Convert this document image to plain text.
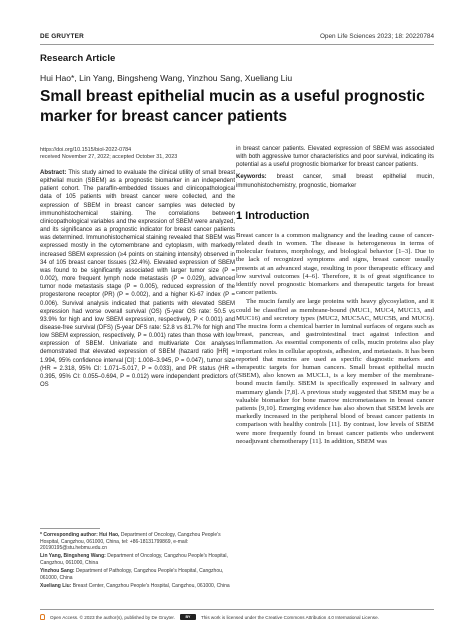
DE GRUYTER	Open Life Sciences 2023; 18: 20220784
Research Article
Hui Hao*, Lin Yang, Bingsheng Wang, Yinzhou Sang, Xueliang Liu
Small breast epithelial mucin as a useful prognostic marker for breast cancer patients
https://doi.org/10.1515/biol-2022-0784
received November 27, 2022; accepted October 31, 2023
Abstract: This study aimed to evaluate the clinical utility of small breast epithelial mucin (SBEM) as a prognostic biomarker in an independent patient cohort. The paraffin-embedded tissues and clinicopathological data of 105 patients with breast cancer were collected, and the expression of SBEM in breast cancer samples was detected by immunohistochemical staining. The correlations between clinicopathological variables and the expression of SBEM were analyzed, and its significance as a prognostic indicator for breast cancer patients was determined. Immunohistochemical staining revealed that SBEM was expressed mostly in the cytomembrane and cytoplasm, with markedly increased SBEM expression (≥4 points on staining intensity) observed in 34 of 105 breast cancer tissues (32.4%). Elevated expression of SBEM was found to be significantly associated with larger tumor size (P = 0.002), more frequent lymph node metastasis (P = 0.029), advanced tumor node metastasis stage (P = 0.005), reduced expression of the progesterone receptor (PR) (P = 0.002), and a higher Ki-67 index (P = 0.006). Survival analysis indicated that patients with elevated SBEM expression had worse overall survival (OS) (5-year OS rate: 50.5 vs 93.9% for high and low SBEM expression, respectively, P < 0.001) and disease-free survival (DFS) (5-year DFS rate: 52.8 vs 81.7% for high and low SBEM expression, respectively, P = 0.001) rates than those with low expression of SBEM. Univariate and multivariate Cox analyses demonstrated that elevated expression of SBEM (hazard ratio [HR] = 1.994, 95% confidence interval [CI]: 1.008–3.945, P = 0.047), tumor size (HR = 2.318, 95% CI: 1.071–5.017, P = 0.033), and PR status (HR = 0.395, 95% CI: 0.055–0.694, P = 0.012) were independent predictors of OS
in breast cancer patients. Elevated expression of SBEM was associated with both aggressive tumor characteristics and poor survival, indicating its potential as a useful prognostic biomarker for breast cancer patients.
Keywords: breast cancer, small breast epithelial mucin, immunohistochemistry, prognostic, biomarker
1 Introduction

Breast cancer is a common malignancy and the leading cause of cancer-related death in women. The disease is heterogeneous in terms of molecular features, morphology, and biological behavior [1–3]. Due to the lack of recognized symptoms and signs, breast cancer usually presents at an advanced stage, resulting in poor therapeutic efficacy and low survival outcomes [4–6]. Therefore, it is of great significance to identify novel prognostic biomarkers and therapeutic targets for breast cancer patients.

The mucin family are large proteins with heavy glycosylation, and it could be classified as membrane-bound (MUC1, MUC4, MUC13, and MUC16) and secretory types (MUC2, MUC5AC, MUC5B, and MUC6). The mucins form a chemical barrier in luminal surfaces of organs such as breast, pancreas, and gastrointestinal tract against infection and inflammation. As essential components of cells, mucin proteins also play important roles in cellular apoptosis, adhesion, and metastasis. It has been reported that mucins are used as specific diagnostic markers and therapeutic targets for human cancers. Small breast epithelial mucin (SBEM), also known as MUCL1, is a key member of the membrane-bound mucin family. SBEM is specifically expressed in salivary and mammary glands [7,8]. A previous study suggested that SBEM may be a valuable biomarker for bone marrow micrometastases in breast cancer patients [9,10]. Emerging evidence has also shown that SBEM levels are markedly increased in the peripheral blood of breast cancer patients in comparison with healthy controls [11]. By contrast, low levels of SBEM were more frequently found in breast cancer patients who underwent neoadjuvant chemotherapy [11]. In addition, SBEM was

* Corresponding author: Hui Hao, Department of Oncology, Cangzhou People's Hospital, Cangzhou, 061000, China, tel: +86-18131799869, e-mail: 20190195@stu.hebmu.edu.cn
Lin Yang, Bingsheng Wang: Department of Oncology, Cangzhou People's Hospital, Cangzhou, 061000, China
Yinzhou Sang: Department of Pathology, Cangzhou People's Hospital, Cangzhou, 061000, China
Xueliang Liu: Breast Center, Cangzhou People's Hospital, Cangzhou, 061000, China
Open Access. © 2023 the author(s), published by De Gruyter.	BY This work is licensed under the Creative Commons Attribution 4.0 International License.
